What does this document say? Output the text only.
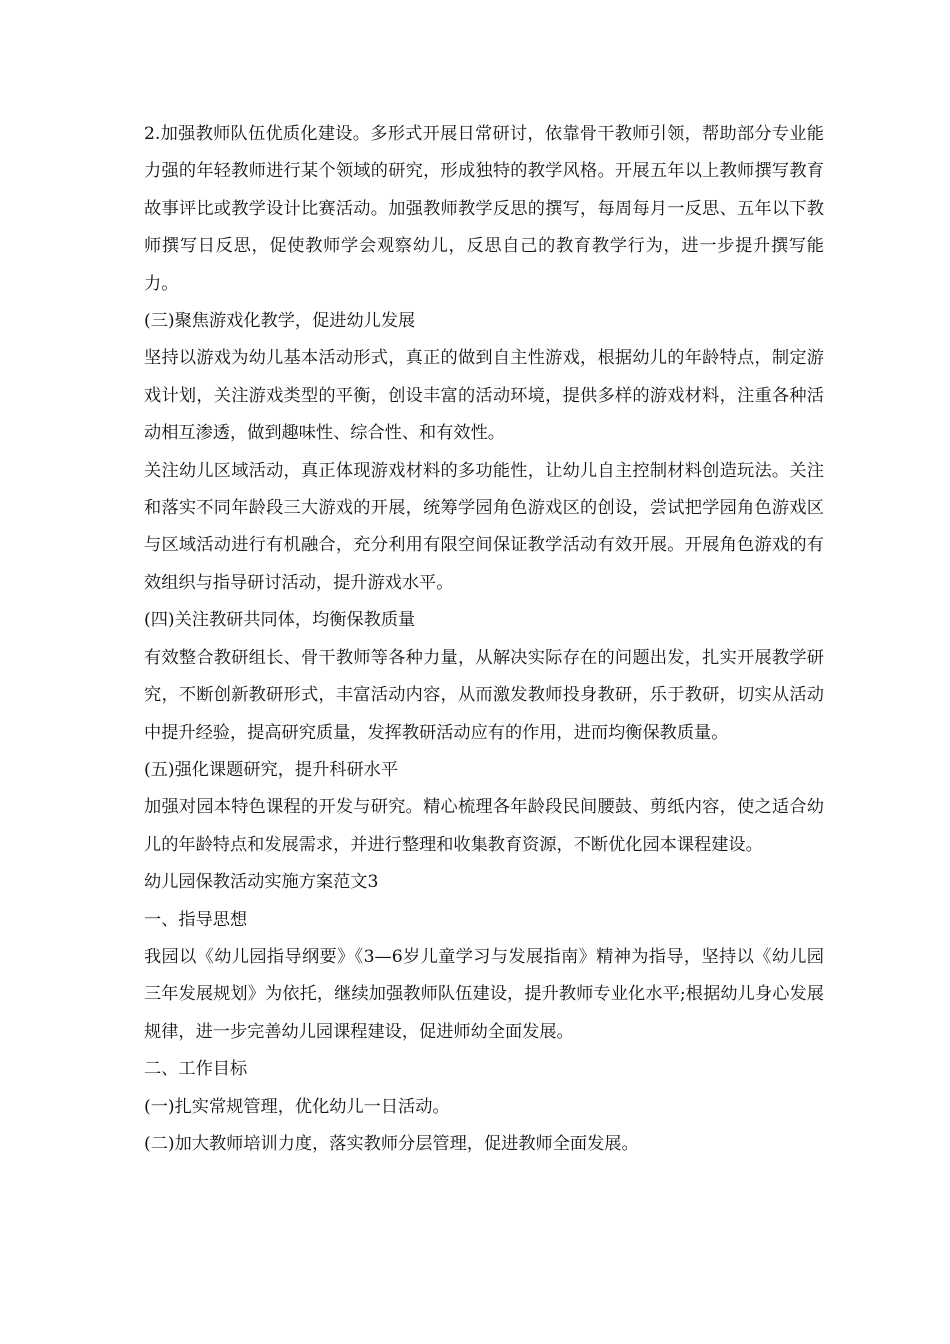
2.加强教师队伍优质化建设。多形式开展日常研讨，依靠骨干教师引领，帮助部分专业能力强的年轻教师进行某个领域的研究，形成独特的教学风格。开展五年以上教师撰写教育故事评比或教学设计比赛活动。加强教师教学反思的撰写，每周每月一反思、五年以下教师撰写日反思，促使教师学会观察幼儿，反思自己的教育教学行为，进一步提升撰写能力。

(三)聚焦游戏化教学，促进幼儿发展

坚持以游戏为幼儿基本活动形式，真正的做到自主性游戏，根据幼儿的年龄特点，制定游戏计划，关注游戏类型的平衡，创设丰富的活动环境，提供多样的游戏材料，注重各种活动相互渗透，做到趣味性、综合性、和有效性。

关注幼儿区域活动，真正体现游戏材料的多功能性，让幼儿自主控制材料创造玩法。关注和落实不同年龄段三大游戏的开展，统筹学园角色游戏区的创设，尝试把学园角色游戏区与区域活动进行有机融合，充分利用有限空间保证教学活动有效开展。开展角色游戏的有效组织与指导研讨活动，提升游戏水平。

(四)关注教研共同体，均衡保教质量

有效整合教研组长、骨干教师等各种力量，从解决实际存在的问题出发，扎实开展教学研究，不断创新教研形式，丰富活动内容，从而激发教师投身教研，乐于教研，切实从活动中提升经验，提高研究质量，发挥教研活动应有的作用，进而均衡保教质量。

(五)强化课题研究，提升科研水平

加强对园本特色课程的开发与研究。精心梳理各年龄段民间腰鼓、剪纸内容，使之适合幼儿的年龄特点和发展需求，并进行整理和收集教育资源，不断优化园本课程建设。

幼儿园保教活动实施方案范文3

一、指导思想

我园以《幼儿园指导纲要》《3—6岁儿童学习与发展指南》精神为指导，坚持以《幼儿园三年发展规划》为依托，继续加强教师队伍建设，提升教师专业化水平;根据幼儿身心发展规律，进一步完善幼儿园课程建设，促进师幼全面发展。

二、工作目标

(一)扎实常规管理，优化幼儿一日活动。

(二)加大教师培训力度，落实教师分层管理，促进教师全面发展。
